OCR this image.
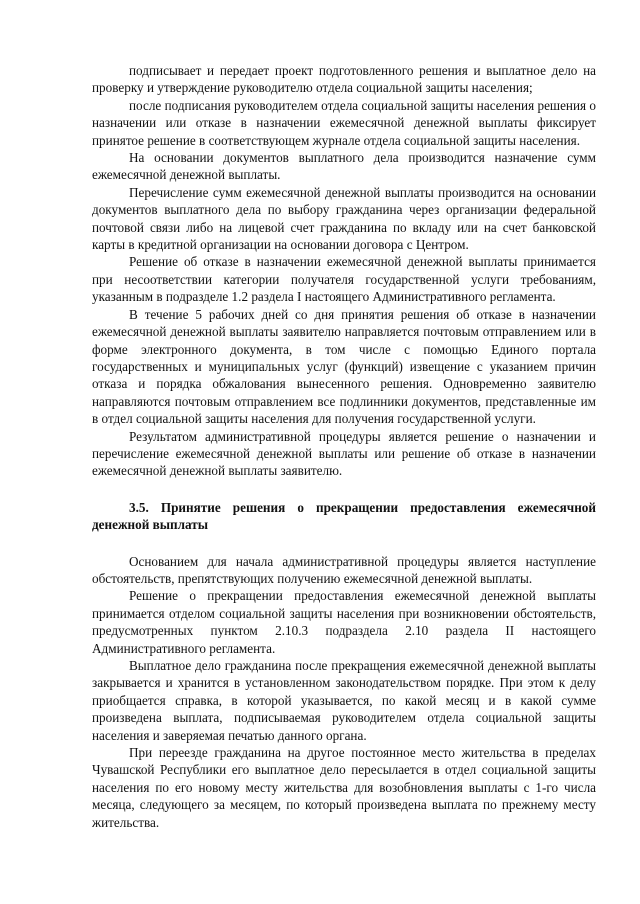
подписывает и передает проект подготовленного решения и выплатное дело на проверку и утверждение руководителю отдела социальной защиты населения;

после подписания руководителем отдела социальной защиты населения решения о назначении или отказе в назначении ежемесячной денежной выплаты фиксирует принятое решение в соответствующем журнале отдела социальной защиты населения.

На основании документов выплатного дела производится назначение сумм ежемесячной денежной выплаты.

Перечисление сумм ежемесячной денежной выплаты производится на основании документов выплатного дела по выбору гражданина через организации федеральной почтовой связи либо на лицевой счет гражданина по вкладу или на счет банковской карты в кредитной организации на основании договора с Центром.

Решение об отказе в назначении ежемесячной денежной выплаты принимается при несоответствии категории получателя государственной услуги требованиям, указанным в подразделе 1.2 раздела I настоящего Административного регламента.

В течение 5 рабочих дней со дня принятия решения об отказе в назначении ежемесячной денежной выплаты заявителю направляется почтовым отправлением или в форме электронного документа, в том числе с помощью Единого портала государственных и муниципальных услуг (функций) извещение с указанием причин отказа и порядка обжалования вынесенного решения. Одновременно заявителю направляются почтовым отправлением все подлинники документов, представленные им в отдел социальной защиты населения для получения государственной услуги.

Результатом административной процедуры является решение о назначении и перечисление ежемесячной денежной выплаты или решение об отказе в назначении ежемесячной денежной выплаты заявителю.

3.5. Принятие решения о прекращении предоставления ежемесячной денежной выплаты

Основанием для начала административной процедуры является наступление обстоятельств, препятствующих получению ежемесячной денежной выплаты.

Решение о прекращении предоставления ежемесячной денежной выплаты принимается отделом социальной защиты населения при возникновении обстоятельств, предусмотренных пунктом 2.10.3 подраздела 2.10 раздела II настоящего Административного регламента.

Выплатное дело гражданина после прекращения ежемесячной денежной выплаты закрывается и хранится в установленном законодательством порядке. При этом к делу приобщается справка, в которой указывается, по какой месяц и в какой сумме произведена выплата, подписываемая руководителем отдела социальной защиты населения и заверяемая печатью данного органа.

При переезде гражданина на другое постоянное место жительства в пределах Чувашской Республики его выплатное дело пересылается в отдел социальной защиты населения по его новому месту жительства для возобновления выплаты с 1-го числа месяца, следующего за месяцем, по который произведена выплата по прежнему месту жительства.
